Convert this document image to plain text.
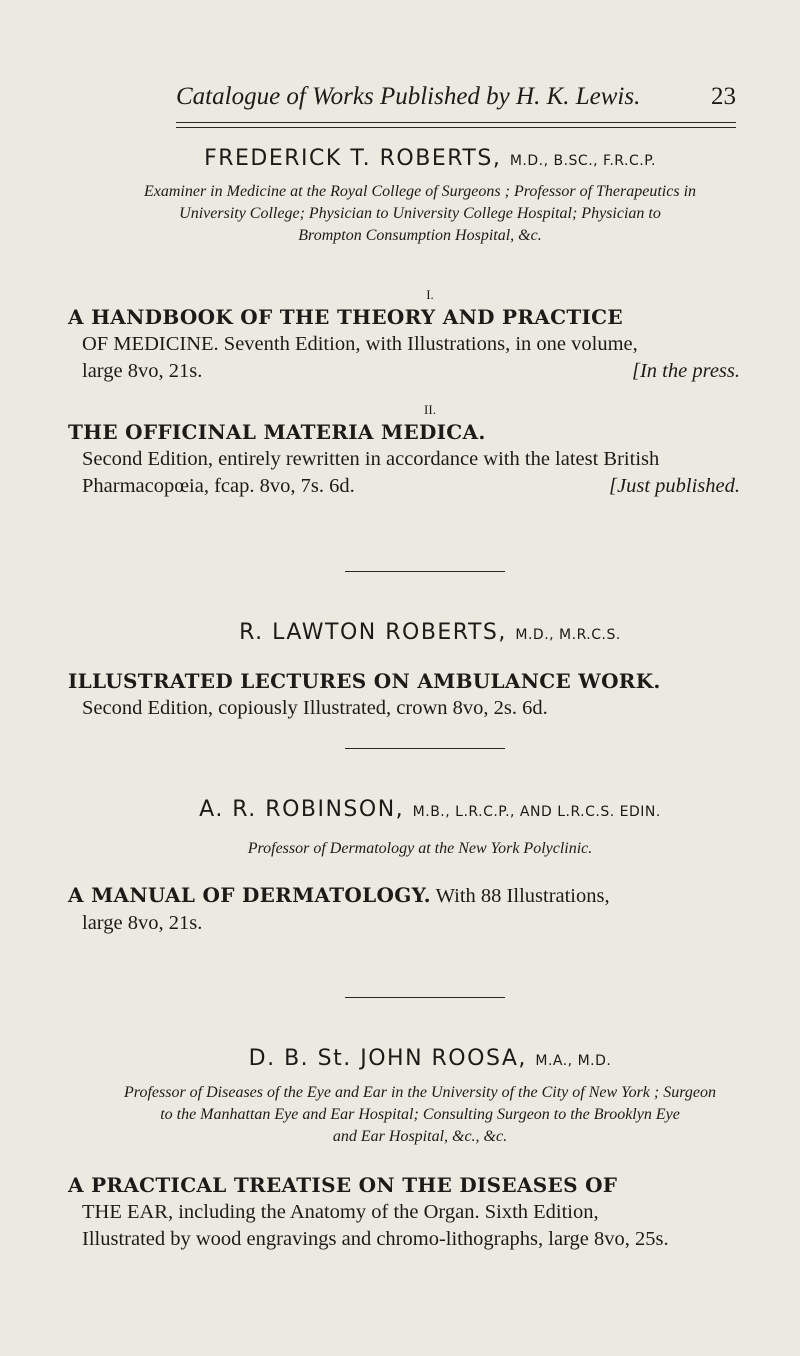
Catalogue of Works Published by H. K. Lewis.	23
FREDERICK T. ROBERTS, M.D., B.SC., F.R.C.P.
Examiner in Medicine at the Royal College of Surgeons ; Professor of Therapeutics in
University College; Physician to University College Hospital; Physician to
Brompton Consumption Hospital, &c.
I.
A HANDBOOK OF THE THEORY AND PRACTICE
OF MEDICINE. Seventh Edition, with Illustrations, in one volume,
large 8vo, 21s.	[In the press.
II.
THE OFFICINAL MATERIA MEDICA.
Second Edition, entirely rewritten in accordance with the latest British
Pharmacopœia, fcap. 8vo, 7s. 6d.	[Just published.
R. LAWTON ROBERTS, M.D., M.R.C.S.
ILLUSTRATED LECTURES ON AMBULANCE WORK.
Second Edition, copiously Illustrated, crown 8vo, 2s. 6d.
A. R. ROBINSON, M.B., L.R.C.P., AND L.R.C.S. EDIN.
Professor of Dermatology at the New York Polyclinic.
A MANUAL OF DERMATOLOGY. With 88 Illustrations,
large 8vo, 21s.
D. B. St. JOHN ROOSA, M.A., M.D.
Professor of Diseases of the Eye and Ear in the University of the City of New York ; Surgeon
to the Manhattan Eye and Ear Hospital; Consulting Surgeon to the Brooklyn Eye
and Ear Hospital, &c., &c.
A PRACTICAL TREATISE ON THE DISEASES OF
THE EAR, including the Anatomy of the Organ. Sixth Edition,
Illustrated by wood engravings and chromo-lithographs, large 8vo, 25s.
